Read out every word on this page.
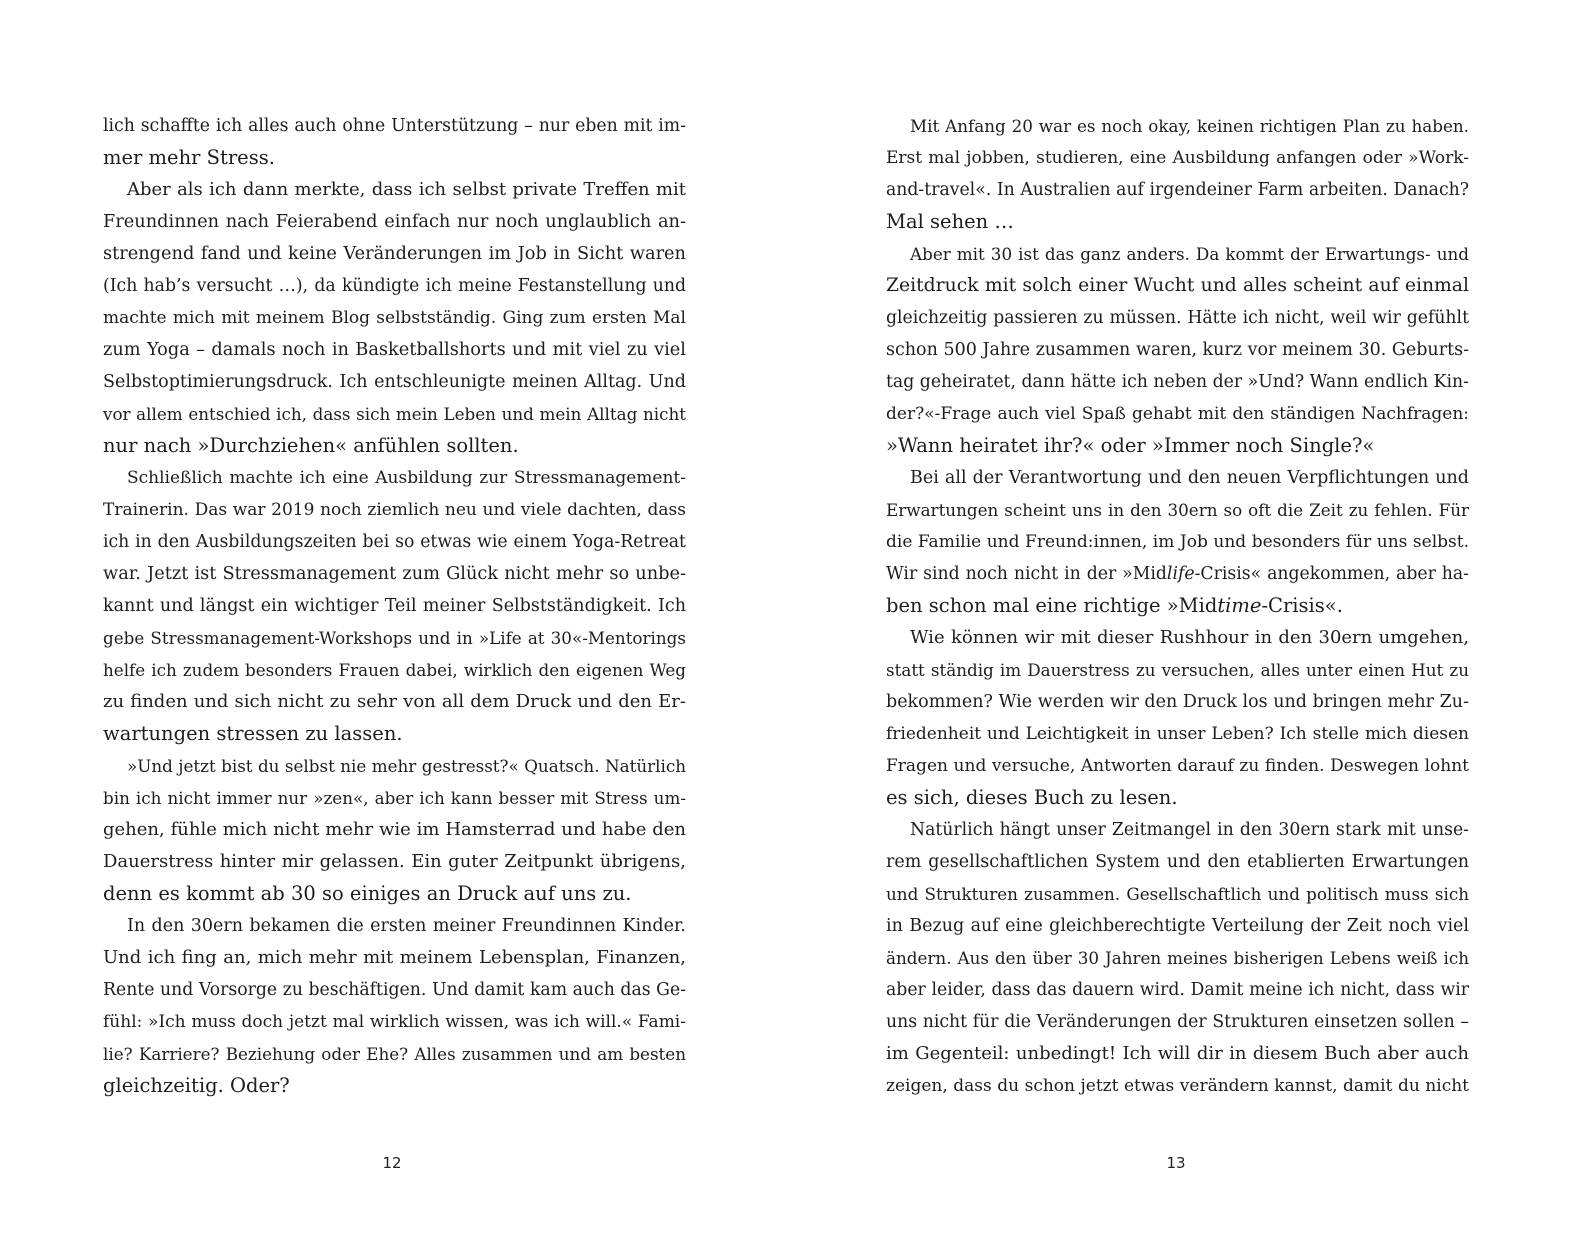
lich schaffte ich alles auch ohne Unterstützung – nur eben mit im-
mer mehr Stress.
Aber als ich dann merkte, dass ich selbst private Treffen mit
Freundinnen nach Feierabend einfach nur noch unglaublich an-
strengend fand und keine Veränderungen im Job in Sicht waren
(Ich hab’s versucht …), da kündigte ich meine Festanstellung und
machte mich mit meinem Blog selbstständig. Ging zum ersten Mal
zum Yoga – damals noch in Basketballshorts und mit viel zu viel
Selbstoptimierungsdruck. Ich entschleunigte meinen Alltag. Und
vor allem entschied ich, dass sich mein Leben und mein Alltag nicht
nur nach »Durchziehen« anfühlen sollten.
Schließlich machte ich eine Ausbildung zur Stressmanagement-
Trainerin. Das war 2019 noch ziemlich neu und viele dachten, dass
ich in den Ausbildungszeiten bei so etwas wie einem Yoga-Retreat
war. Jetzt ist Stressmanagement zum Glück nicht mehr so unbe-
kannt und längst ein wichtiger Teil meiner Selbstständigkeit. Ich
gebe Stressmanagement-Workshops und in »Life at 30«-Mentorings
helfe ich zudem besonders Frauen dabei, wirklich den eigenen Weg
zu finden und sich nicht zu sehr von all dem Druck und den Er-
wartungen stressen zu lassen.
»Und jetzt bist du selbst nie mehr gestresst?« Quatsch. Natürlich
bin ich nicht immer nur »zen«, aber ich kann besser mit Stress um-
gehen, fühle mich nicht mehr wie im Hamsterrad und habe den
Dauerstress hinter mir gelassen. Ein guter Zeitpunkt übrigens,
denn es kommt ab 30 so einiges an Druck auf uns zu.
In den 30ern bekamen die ersten meiner Freundinnen Kinder.
Und ich fing an, mich mehr mit meinem Lebensplan, Finanzen,
Rente und Vorsorge zu beschäftigen. Und damit kam auch das Ge-
fühl: »Ich muss doch jetzt mal wirklich wissen, was ich will.« Fami-
lie? Karriere? Beziehung oder Ehe? Alles zusammen und am besten
gleichzeitig. Oder?
Mit Anfang 20 war es noch okay, keinen richtigen Plan zu haben.
Erst mal jobben, studieren, eine Ausbildung anfangen oder »Work-
and-travel«. In Australien auf irgendeiner Farm arbeiten. Danach?
Mal sehen …
Aber mit 30 ist das ganz anders. Da kommt der Erwartungs- und
Zeitdruck mit solch einer Wucht und alles scheint auf einmal
gleichzeitig passieren zu müssen. Hätte ich nicht, weil wir gefühlt
schon 500 Jahre zusammen waren, kurz vor meinem 30. Geburts-
tag geheiratet, dann hätte ich neben der »Und? Wann endlich Kin-
der?«-Frage auch viel Spaß gehabt mit den ständigen Nachfragen:
»Wann heiratet ihr?« oder »Immer noch Single?«
Bei all der Verantwortung und den neuen Verpflichtungen und
Erwartungen scheint uns in den 30ern so oft die Zeit zu fehlen. Für
die Familie und Freund:innen, im Job und besonders für uns selbst.
Wir sind noch nicht in der »Midlife-Crisis« angekommen, aber ha-
ben schon mal eine richtige »Midtime-Crisis«.
Wie können wir mit dieser Rushhour in den 30ern umgehen,
statt ständig im Dauerstress zu versuchen, alles unter einen Hut zu
bekommen? Wie werden wir den Druck los und bringen mehr Zu-
friedenheit und Leichtigkeit in unser Leben? Ich stelle mich diesen
Fragen und versuche, Antworten darauf zu finden. Deswegen lohnt
es sich, dieses Buch zu lesen.
Natürlich hängt unser Zeitmangel in den 30ern stark mit unse-
rem gesellschaftlichen System und den etablierten Erwartungen
und Strukturen zusammen. Gesellschaftlich und politisch muss sich
in Bezug auf eine gleichberechtigte Verteilung der Zeit noch viel
ändern. Aus den über 30 Jahren meines bisherigen Lebens weiß ich
aber leider, dass das dauern wird. Damit meine ich nicht, dass wir
uns nicht für die Veränderungen der Strukturen einsetzen sollen –
im Gegenteil: unbedingt! Ich will dir in diesem Buch aber auch
zeigen, dass du schon jetzt etwas verändern kannst, damit du nicht
12	13
